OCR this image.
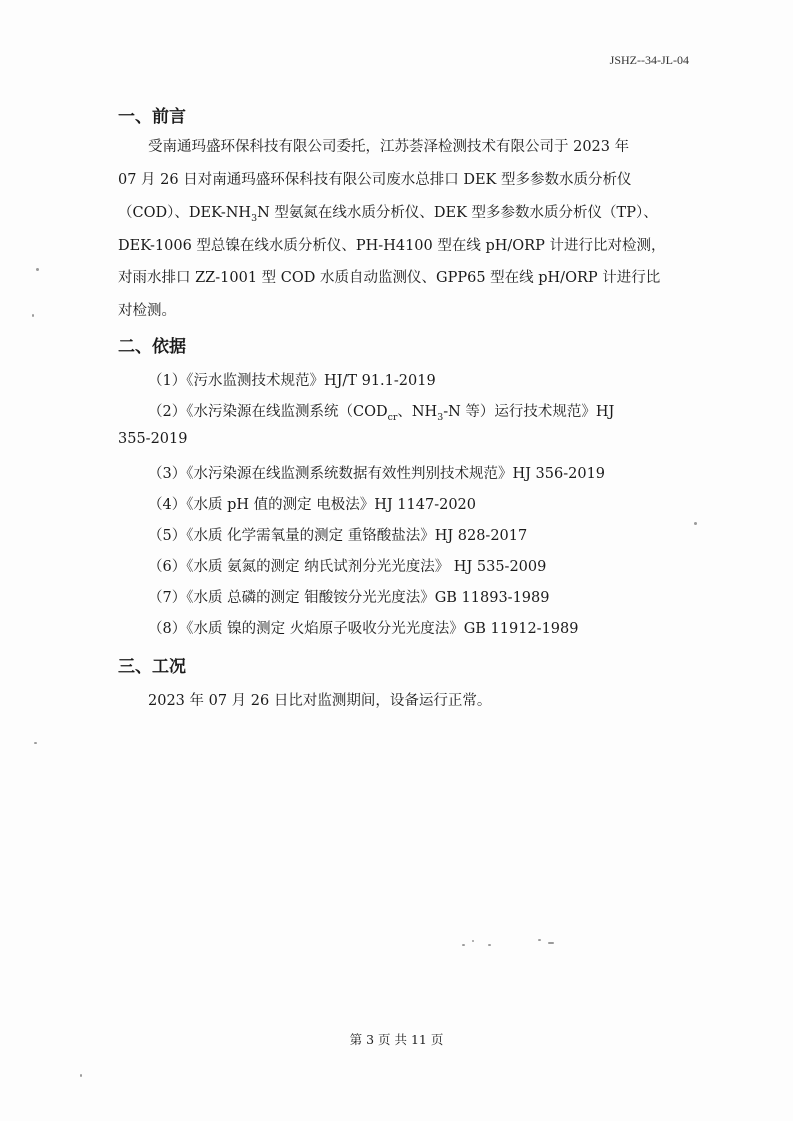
JSHZ--34-JL-04
一、前言
受南通玛盛环保科技有限公司委托，江苏荟泽检测技术有限公司于 2023 年
07 月 26 日对南通玛盛环保科技有限公司废水总排口 DEK 型多参数水质分析仪
（COD）、DEK-$NH_3N$ 型氨氮在线水质分析仪、DEK 型多参数水质分析仪（TP）、
DEK-1006 型总镍在线水质分析仪、PH-H4100 型在线 pH/ORP 计进行比对检测，
对雨水排口 ZZ-1001 型 COD 水质自动监测仪、GPP65 型在线 pH/ORP 计进行比
对检测。
二、依据
（1）《污水监测技术规范》HJ/T 91.1-2019
（2）《水污染源在线监测系统（$COD_{cr}$、$NH_3-N$ 等）运行技术规范》HJ
355-2019
（3）《水污染源在线监测系统数据有效性判别技术规范》HJ 356-2019
（4）《水质 pH 值的测定 电极法》HJ 1147-2020
（5）《水质 化学需氧量的测定 重铬酸盐法》HJ 828-2017
（6）《水质 氨氮的测定 纳氏试剂分光光度法》 HJ 535-2009
（7）《水质 总磷的测定 钼酸铵分光光度法》GB 11893-1989
（8）《水质 镍的测定 火焰原子吸收分光光度法》GB 11912-1989
三、工况
2023 年 07 月 26 日比对监测期间，设备运行正常。
第 3 页 共 11 页
